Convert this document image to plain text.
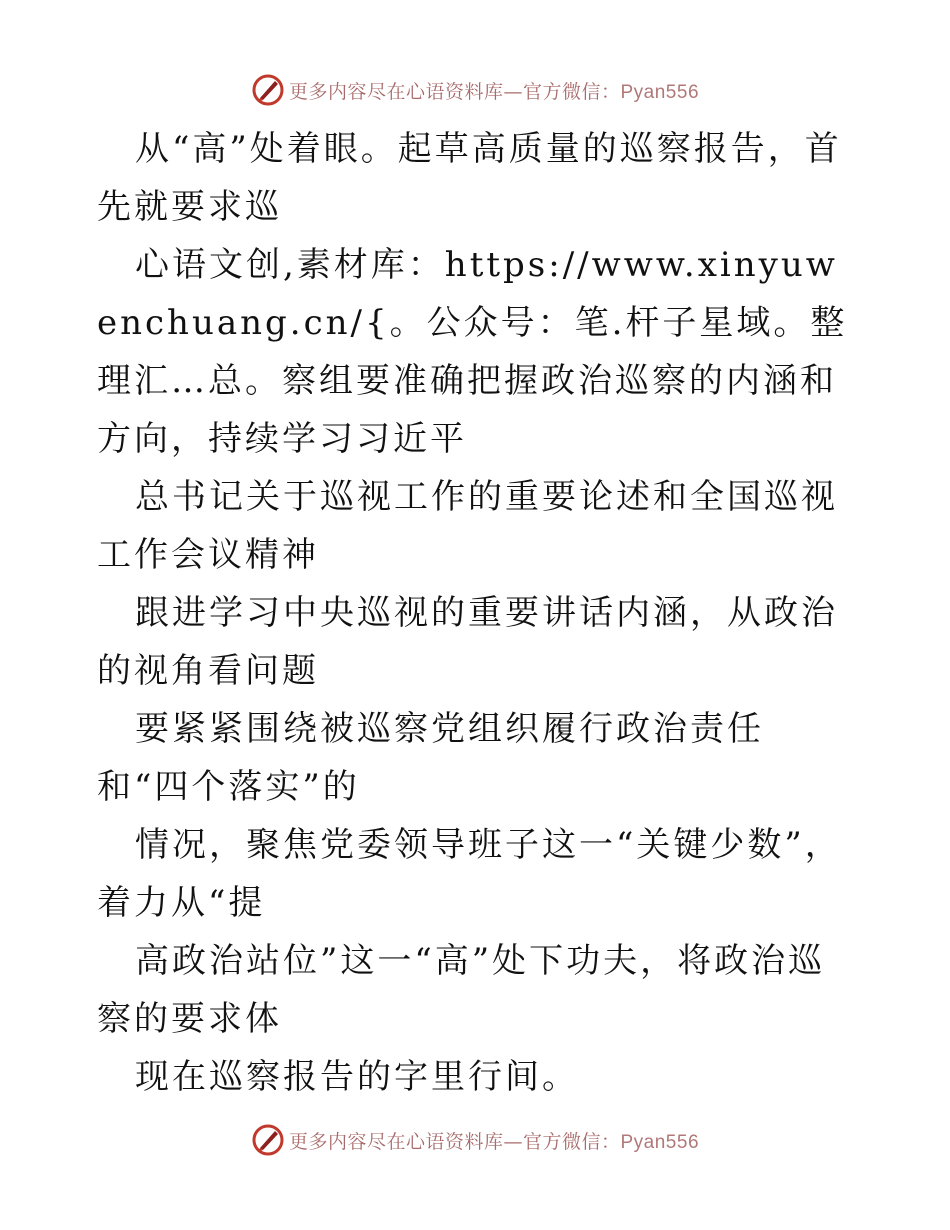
更多内容尽在心语资料库—官方微信：Pyan556

从“高”处着眼。起草高质量的巡察报告，首先就要求巡

心语文创,素材库：https://www.xinyuwenchuang.cn/{。公众号：笔.杆子星域。整理汇…总。察组要准确把握政治巡察的内涵和方向，持续学习习近平

总书记关于巡视工作的重要论述和全国巡视工作会议精神

跟进学习中央巡视的重要讲话内涵，从政治的视角看问题

要紧紧围绕被巡察党组织履行政治责任和“四个落实”的

情况，聚焦党委领导班子这一“关键少数”，着力从“提

高政治站位”这一“高”处下功夫，将政治巡察的要求体

现在巡察报告的字里行间。

更多内容尽在心语资料库—官方微信：Pyan556
